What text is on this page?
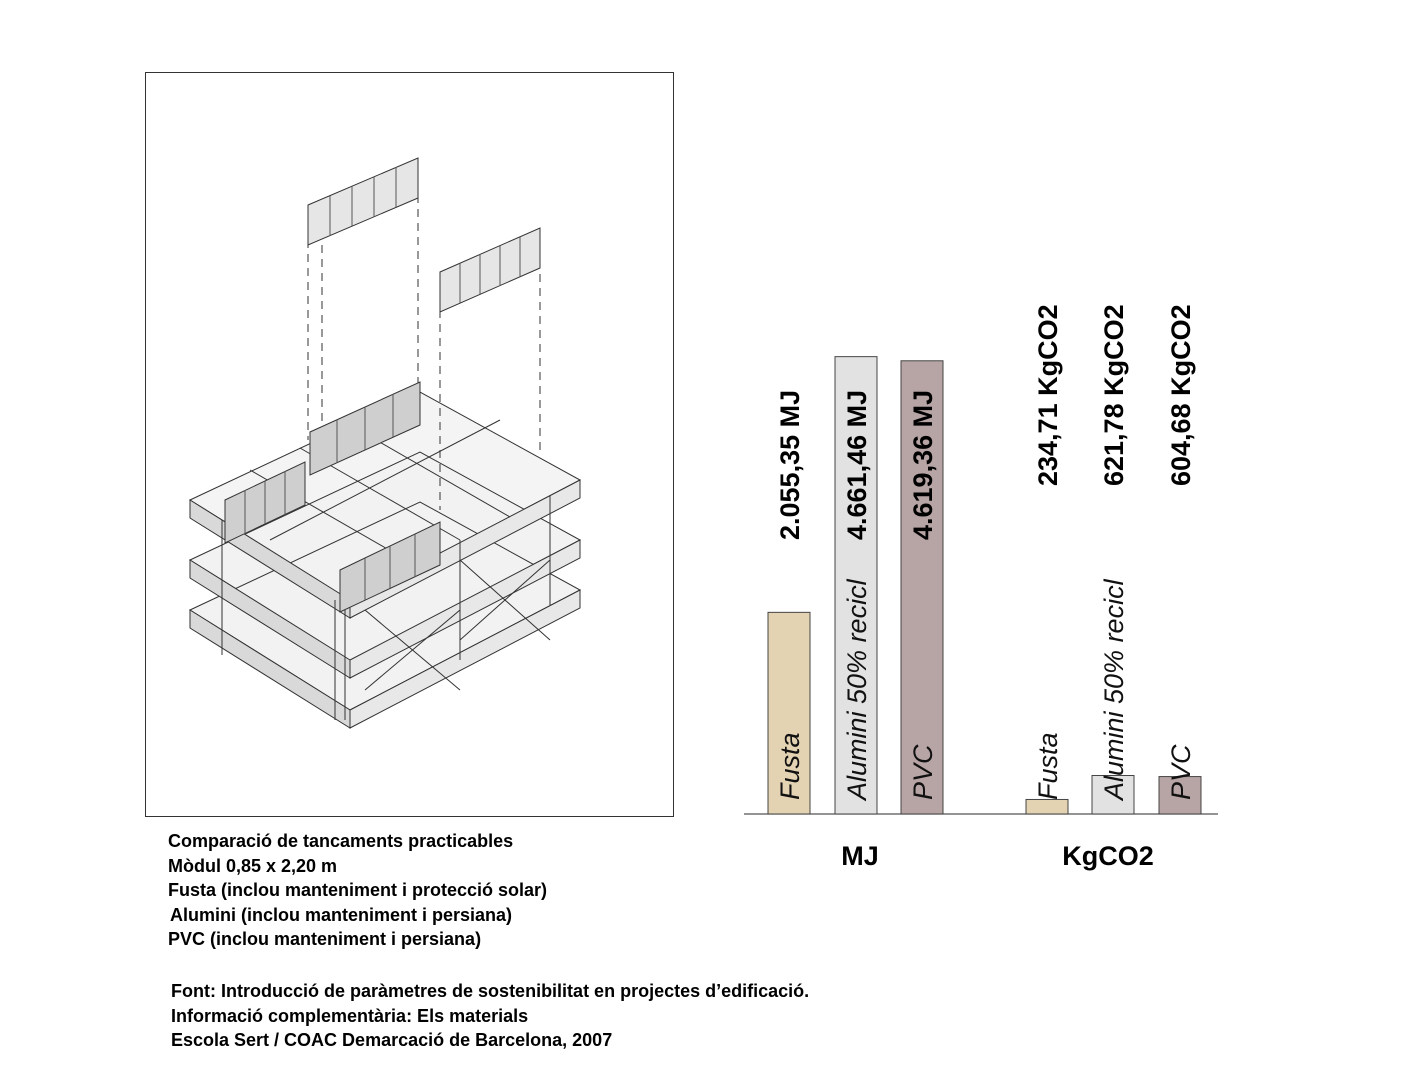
Fusta
2.055,35 MJ
Alumini 50% recicl
4.661,46 MJ
PVC
4.619,36 MJ
MJ
Fusta
234,71 KgCO2
Alumini 50% recicl
621,78 KgCO2
PVC
604,68 KgCO2
KgCO2
Comparació de tancaments practicables
Mòdul 0,85 x 2,20 m
Fusta (inclou manteniment i protecció solar)
Alumini (inclou manteniment i persiana)
PVC (inclou manteniment i persiana)
Font: Introducció de paràmetres de sostenibilitat en projectes d’edificació.
Informació complementària: Els materials
Escola Sert / COAC Demarcació de Barcelona, 2007
